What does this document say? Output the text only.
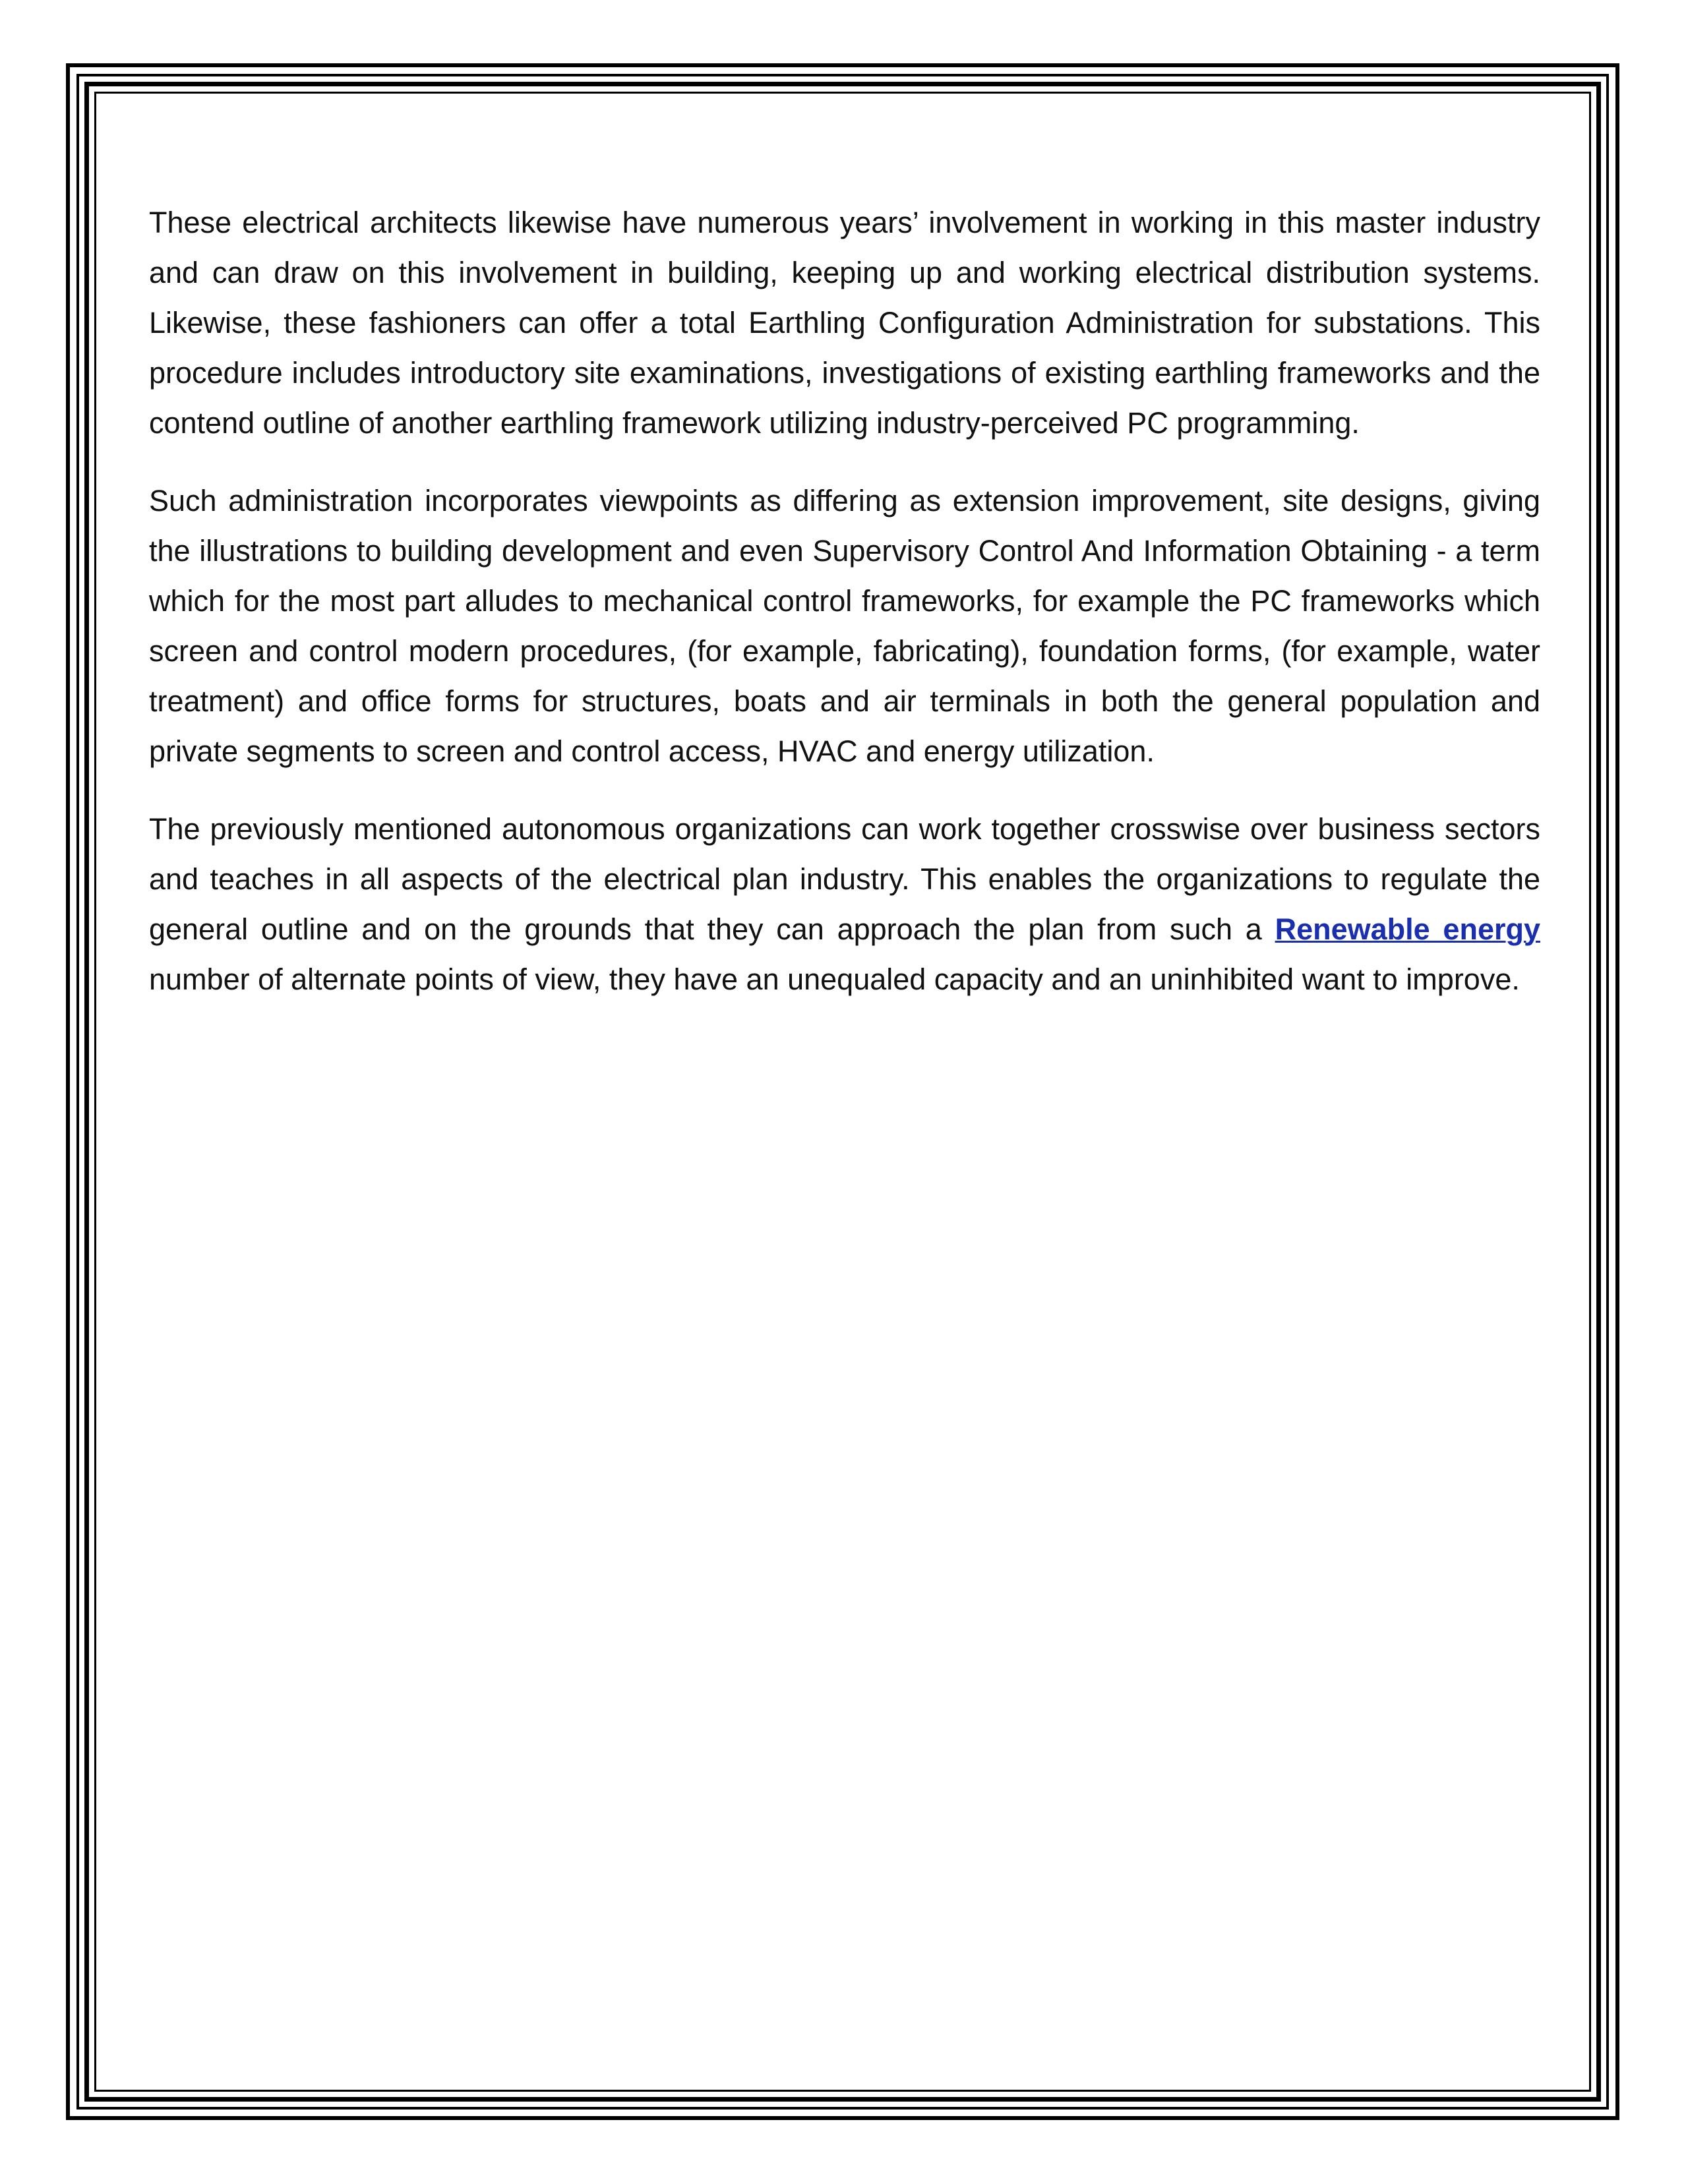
These electrical architects likewise have numerous years’ involvement in working in this master industry and can draw on this involvement in building, keeping up and working electrical distribution systems. Likewise, these fashioners can offer a total Earthling Configuration Administration for substations. This procedure includes introductory site examinations, investigations of existing earthling frameworks and the contend outline of another earthling framework utilizing industry-perceived PC programming.

Such administration incorporates viewpoints as differing as extension improvement, site designs, giving the illustrations to building development and even Supervisory Control And Information Obtaining - a term which for the most part alludes to mechanical control frameworks, for example the PC frameworks which screen and control modern procedures, (for example, fabricating), foundation forms, (for example, water treatment) and office forms for structures, boats and air terminals in both the general population and private segments to screen and control access, HVAC and energy utilization.

The previously mentioned autonomous organizations can work together crosswise over business sectors and teaches in all aspects of the electrical plan industry. This enables the organizations to regulate the general outline and on the grounds that they can approach the plan from such a Renewable energy number of alternate points of view, they have an unequaled capacity and an uninhibited want to improve.
